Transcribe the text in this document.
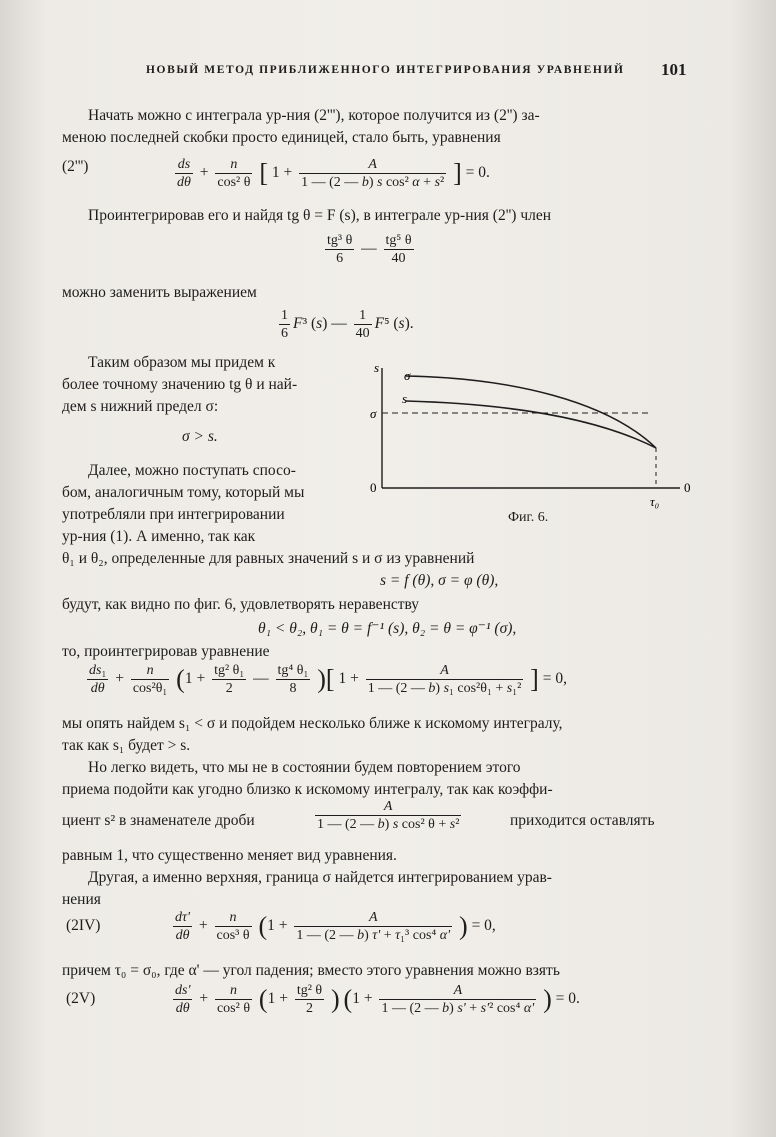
НОВЫЙ МЕТОД ПРИБЛИЖЕННОГО ИНТЕГРИРОВАНИЯ УРАВНЕНИЙ 101
Начать можно с интеграла ур-ния (2'''), которое получится из (2'') за-
меною последней скобки просто единицей, стало быть, уравнения
(2''')	$\frac{ds}{d\theta} + \frac{n}{\text{cos² θ}}$ [ $1 + \frac{A}{\text{1 — (2 — b) s cos² α + s²}}$ ] = 0.
Проинтегрировав его и найдя tg θ = F (s), в интеграле ур-ния (2'') член
$\frac{\text{tg³ θ}}{6}$ — $\frac{\text{tg⁵ θ}}{40}$
можно заменить выражением
$\frac{1}{6} F^3$ (s) — $\frac{1}{40} F^5$ (s).
Таким образом мы придем к
более точному значению tg θ и най-
дем s нижний предел σ:
σ > s.
Далее, можно поступать спосо-
бом, аналогичным тому, который мы
употребляли при интегрировании
ур-ния (1). А именно, так как
s
σ
s
σ
0	0
τ₀
Фиг. 6.
θ₁ и θ₂, определенные для равных значений s и σ из уравнений
s = f (θ), σ = φ (θ),
будут, как видно по фиг. 6, удовлетворять неравенству
θ₁ < θ₂, θ₁ = θ = f⁻¹ (s), θ₂ = θ = φ⁻¹ (σ),
то, проинтегрировав уравнение
$\frac{\text{ds₁}}{d\theta} + \frac{n}{\text{cos²θ₁}} (1 + \frac{\text{tg² θ₁}}{2}$ — $\frac{\text{tg⁴ θ₁}}{8}$ )[ $1 + \frac{A}{\text{1 — (2 — b) s₁ cos²θ₁ + s₁²}}$ ] = 0,
мы опять найдем s₁ < σ и подойдем несколько ближе к искомому интегралу,
так как s₁ будет > s.
Но легко видеть, что мы не в состоянии будем повторением этого
приема подойти как угодно близко к искомому интегралу, так как коэффи-
циент s² в знаменателе дроби	$\frac{A}{\text{1 — (2 — b) s cos² θ + s²}}$	приходится оставлять
равным 1, что существенно меняет вид уравнения.
Другая, а именно верхняя, граница σ найдется интегрированием урав-
нения
(2IV)	$\frac{d\tau'}{d\theta} + \frac{n}{\text{cos³ θ}} (1 + \frac{A}{\text{1 — (2 — b) τ' + τ₁³ cos⁴ α'}}$ ) = 0,
причем τ₀ = σ₀, где α' — угол падения; вместо этого уравнения можно взять
(2V)	$\frac{ds'}{d\theta} + \frac{n}{\text{cos² θ}} (1 + \frac{\text{tg² θ}}{2}$ ) ($1 + \frac{A}{\text{1 — (2 — b) s' + s'² cos⁴ α'}}$ ) = 0.
